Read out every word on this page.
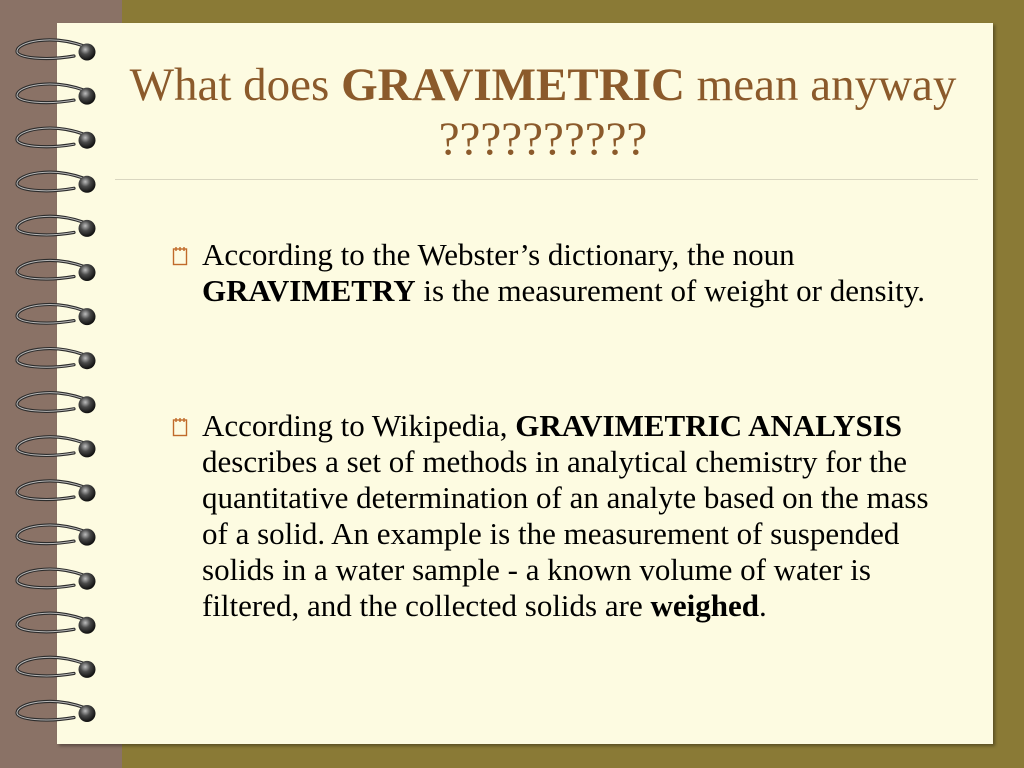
What does GRAVIMETRIC mean anyway ??????????

According to the Webster’s dictionary, the noun GRAVIMETRY is the measurement of weight or density.

According to Wikipedia, GRAVIMETRIC ANALYSIS describes a set of methods in analytical chemistry for the quantitative determination of an analyte based on the mass of a solid. An example is the measurement of suspended solids in a water sample - a known volume of water is filtered, and the collected solids are weighed.
